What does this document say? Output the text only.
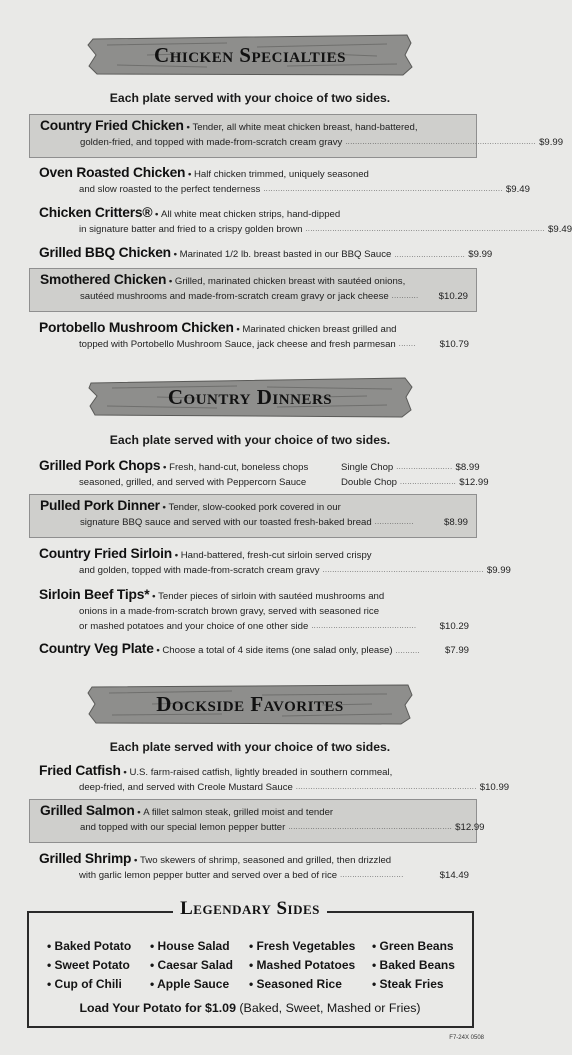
Chicken Specialties
Each plate served with your choice of two sides.
Country Fried Chicken
•
Tender, all white meat chicken breast, hand-battered,
golden-fried, and topped with made-from-scratch cream gravy .............................................................................. $9.99
Oven Roasted Chicken
•
Half chicken trimmed, uniquely seasoned
and slow roasted to the perfect tenderness .................................................................................................. $9.49
Chicken Critters®
•
All white meat chicken strips, hand-dipped
in signature batter and fried to a crispy golden brown .................................................................................................. $9.49
Grilled BBQ Chicken
•
Marinated 1/2 lb. breast basted in our BBQ Sauce ............................. $9.99
Smothered Chicken
•
Grilled, marinated chicken breast with sautéed onions,
sautéed mushrooms and made-from-scratch cream gravy or jack cheese ...........	$10.29
Portobello Mushroom Chicken
•
Marinated chicken breast grilled and
topped with Portobello Mushroom Sauce, jack cheese and fresh parmesan .......	$10.79
Country Dinners
Each plate served with your choice of two sides.
Grilled Pork Chops
•
Fresh, hand-cut, boneless chops	Single Chop ....................... $8.99
seasoned, grilled, and served with Peppercorn Sauce	Double Chop ....................... $12.99
Pulled Pork Dinner
•
Tender, slow-cooked pork covered in our
signature BBQ sauce and served with our toasted fresh-baked bread ................	$8.99
Country Fried Sirloin
•
Hand-battered, fresh-cut sirloin served crispy
and golden, topped with made-from-scratch cream gravy .................................................................. $9.99
Sirloin Beef Tips*
•
Tender pieces of sirloin with sautéed mushrooms and
onions in a made-from-scratch brown gravy, served with seasoned rice
or mashed potatoes and your choice of one other side ...........................................	$10.29
Country Veg Plate
•
Choose a total of 4 side items (one salad only, please) ..........	$7.99
Dockside Favorites
Each plate served with your choice of two sides.
Fried Catfish
•
U.S. farm-raised catfish, lightly breaded in southern cornmeal,
deep-fried, and served with Creole Mustard Sauce .......................................................................... $10.99
Grilled Salmon
•
A fillet salmon steak, grilled moist and tender
and topped with our special lemon pepper butter ................................................................... $12.99
Grilled Shrimp
•
Two skewers of shrimp, seasoned and grilled, then drizzled
with garlic lemon pepper butter and served over a bed of rice ..........................	$14.49
Legendary Sides
• Baked Potato
• Sweet Potato
• Cup of Chili
• House Salad
• Caesar Salad
• Apple Sauce
• Fresh Vegetables
• Mashed Potatoes
• Seasoned Rice
• Green Beans
• Baked Beans
• Steak Fries
Load Your Potato for $1.09 (Baked, Sweet, Mashed or Fries)
F7-24X 0508
